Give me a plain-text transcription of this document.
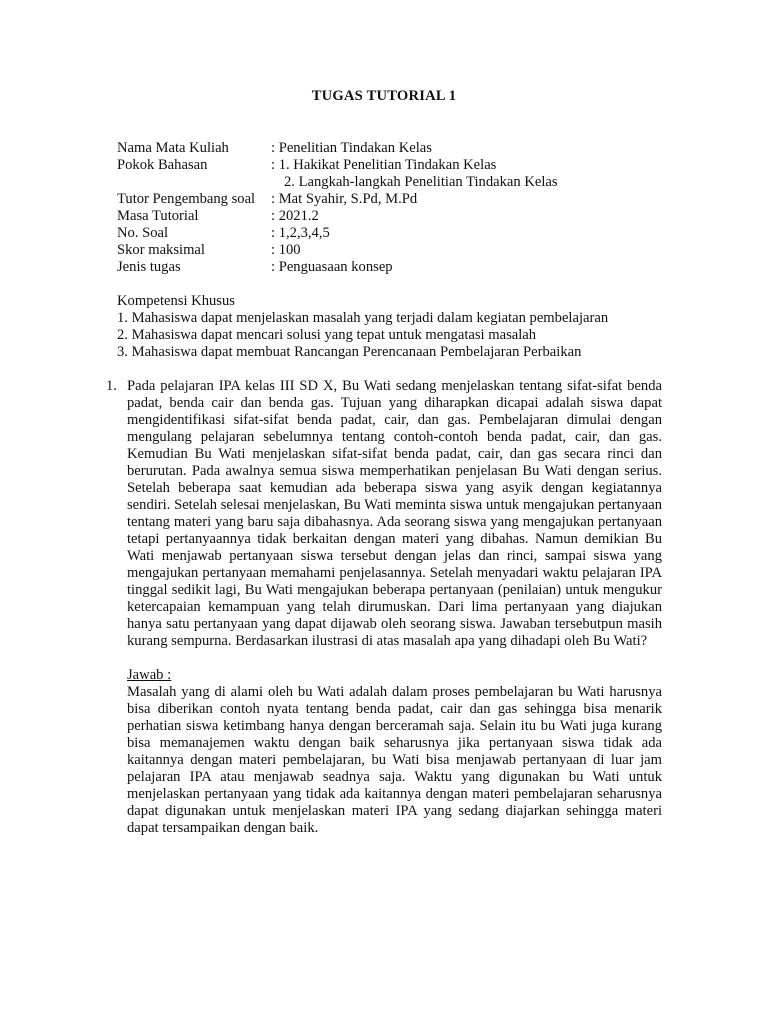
TUGAS TUTORIAL 1
Nama Mata Kuliah	: Penelitian Tindakan Kelas
Pokok Bahasan	: 1. Hakikat Penelitian Tindakan Kelas
2. Langkah-langkah Penelitian Tindakan Kelas
Tutor Pengembang soal	: Mat Syahir, S.Pd, M.Pd
Masa Tutorial	: 2021.2
No. Soal	: 1,2,3,4,5
Skor maksimal	: 100
Jenis tugas	: Penguasaan konsep
Kompetensi Khusus
1. Mahasiswa dapat menjelaskan masalah yang terjadi dalam kegiatan pembelajaran
2. Mahasiswa dapat mencari solusi yang tepat untuk mengatasi masalah
3. Mahasiswa dapat membuat Rancangan Perencanaan Pembelajaran Perbaikan
1. Pada pelajaran IPA kelas III SD X, Bu Wati sedang menjelaskan tentang sifat-sifat benda padat, benda cair dan benda gas. Tujuan yang diharapkan dicapai adalah siswa dapat mengidentifikasi sifat-sifat benda padat, cair, dan gas. Pembelajaran dimulai dengan mengulang pelajaran sebelumnya tentang contoh-contoh benda padat, cair, dan gas. Kemudian Bu Wati menjelaskan sifat-sifat benda padat, cair, dan gas secara rinci dan berurutan. Pada awalnya semua siswa memperhatikan penjelasan Bu Wati dengan serius. Setelah beberapa saat kemudian ada beberapa siswa yang asyik dengan kegiatannya sendiri. Setelah selesai menjelaskan, Bu Wati meminta siswa untuk mengajukan pertanyaan tentang materi yang baru saja dibahasnya. Ada seorang siswa yang mengajukan pertanyaan tetapi pertanyaannya tidak berkaitan dengan materi yang dibahas. Namun demikian Bu Wati menjawab pertanyaan siswa tersebut dengan jelas dan rinci, sampai siswa yang mengajukan pertanyaan memahami penjelasannya. Setelah menyadari waktu pelajaran IPA tinggal sedikit lagi, Bu Wati mengajukan beberapa pertanyaan (penilaian) untuk mengukur ketercapaian kemampuan yang telah dirumuskan. Dari lima pertanyaan yang diajukan hanya satu pertanyaan yang dapat dijawab oleh seorang siswa. Jawaban tersebutpun masih kurang sempurna. Berdasarkan ilustrasi di atas masalah apa yang dihadapi oleh Bu Wati?
Jawab :
Masalah yang di alami oleh bu Wati adalah dalam proses pembelajaran bu Wati harusnya bisa diberikan contoh nyata tentang benda padat, cair dan gas sehingga bisa menarik perhatian siswa ketimbang hanya dengan berceramah saja. Selain itu bu Wati juga kurang bisa memanajemen waktu dengan baik seharusnya jika pertanyaan siswa tidak ada kaitannya dengan materi pembelajaran, bu Wati bisa menjawab pertanyaan di luar jam pelajaran IPA atau menjawab seadnya saja. Waktu yang digunakan bu Wati untuk menjelaskan pertanyaan yang tidak ada kaitannya dengan materi pembelajaran seharusnya dapat digunakan untuk menjelaskan materi IPA yang sedang diajarkan sehingga materi dapat tersampaikan dengan baik.
